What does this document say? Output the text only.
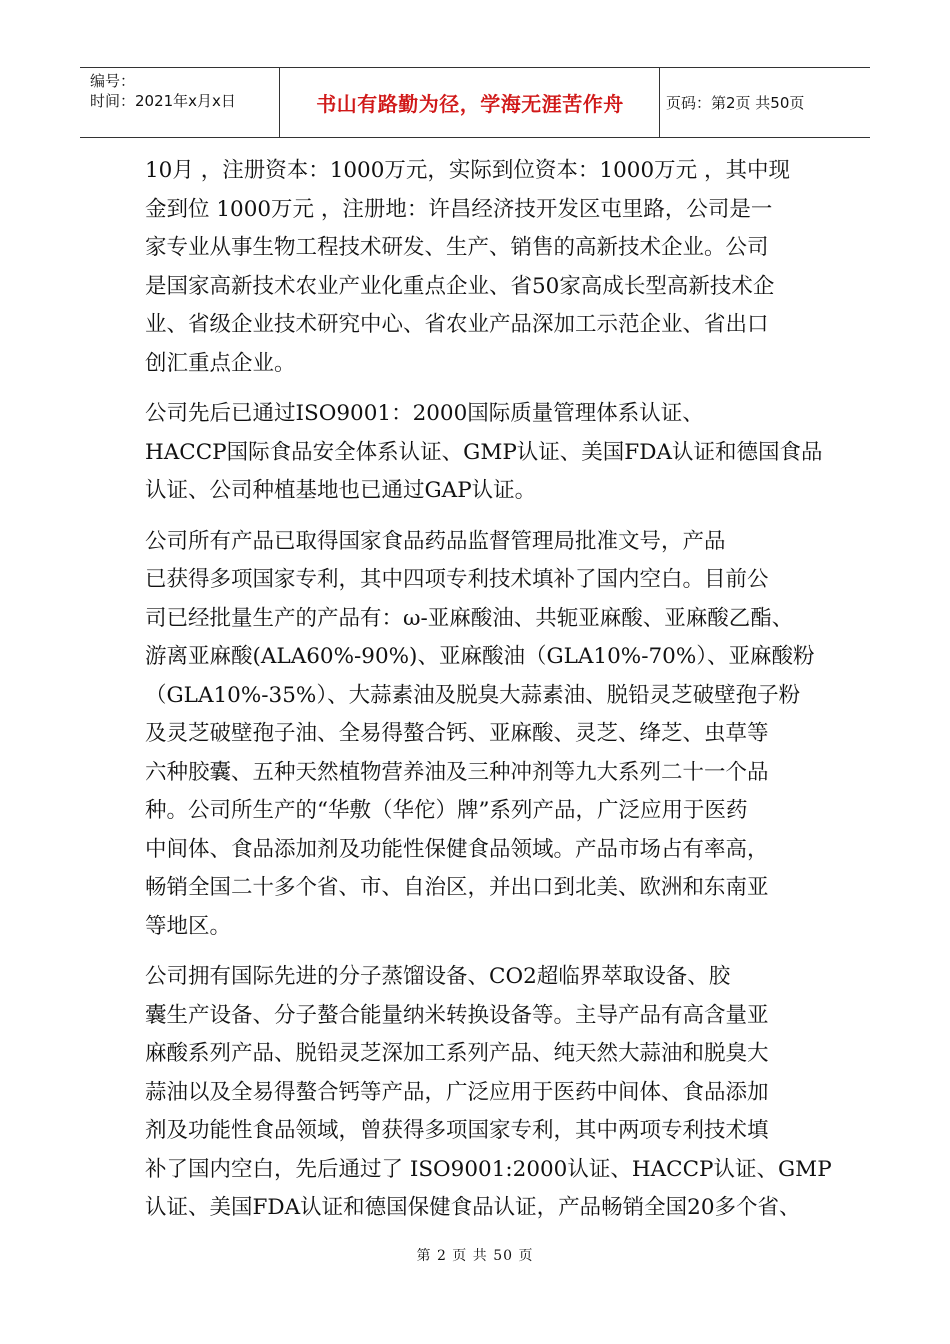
编号：
时间：2021年x月x日	书山有路勤为径，学海无涯苦作舟	页码：第2页 共50页
10月 ，注册资本：1000万元，实际到位资本：1000万元 ，其中现
金到位 1000万元 ，注册地：许昌经济技开发区屯里路，公司是一
家专业从事生物工程技术研发、生产、销售的高新技术企业。公司
是国家高新技术农业产业化重点企业、省50家高成长型高新技术企
业、省级企业技术研究中心、省农业产品深加工示范企业、省出口
创汇重点企业。
公司先后已通过ISO9001：2000国际质量管理体系认证、
HACCP国际食品安全体系认证、GMP认证、美国FDA认证和德国食品
认证、公司种植基地也已通过GAP认证。
公司所有产品已取得国家食品药品监督管理局批准文号，产品
已获得多项国家专利，其中四项专利技术填补了国内空白。目前公
司已经批量生产的产品有：ω-亚麻酸油、共轭亚麻酸、亚麻酸乙酯、
游离亚麻酸(ALA60%-90%)、亚麻酸油（GLA10%-70%）、亚麻酸粉
（GLA10%-35%）、大蒜素油及脱臭大蒜素油、脱铅灵芝破壁孢子粉
及灵芝破壁孢子油、全易得螯合钙、亚麻酸、灵芝、绛芝、虫草等
六种胶囊、五种天然植物营养油及三种冲剂等九大系列二十一个品
种。公司所生产的“华敷（华佗）牌”系列产品，广泛应用于医药
中间体、食品添加剂及功能性保健食品领域。产品市场占有率高，
畅销全国二十多个省、市、自治区，并出口到北美、欧洲和东南亚
等地区。
公司拥有国际先进的分子蒸馏设备、CO2超临界萃取设备、胶
囊生产设备、分子螯合能量纳米转换设备等。主导产品有高含量亚
麻酸系列产品、脱铅灵芝深加工系列产品、纯天然大蒜油和脱臭大
蒜油以及全易得螯合钙等产品，广泛应用于医药中间体、食品添加
剂及功能性食品领域，曾获得多项国家专利，其中两项专利技术填
补了国内空白，先后通过了 ISO9001:2000认证、HACCP认证、GMP
认证、美国FDA认证和德国保健食品认证，产品畅销全国20多个省、
第 2 页 共 50 页
